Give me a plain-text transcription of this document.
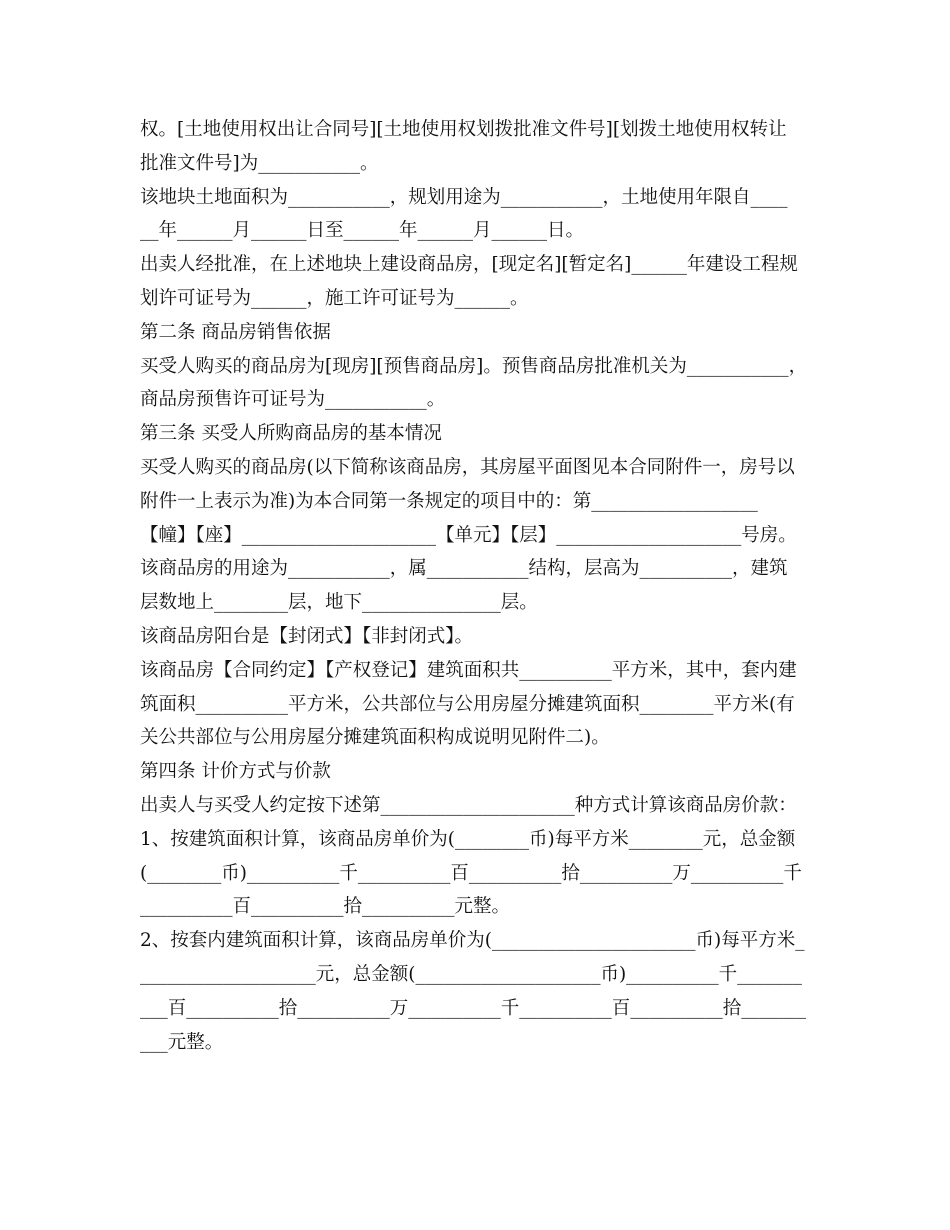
权。[土地使用权出让合同号][土地使用权划拨批准文件号][划拨土地使用权转让
批准文件号]为___________。
该地块土地面积为___________，规划用途为___________，土地使用年限自____
__年______月______日至______年______月______日。
出卖人经批准，在上述地块上建设商品房，[现定名][暂定名]______年建设工程规
划许可证号为______，施工许可证号为______。
第二条 商品房销售依据
买受人购买的商品房为[现房][预售商品房]。预售商品房批准机关为___________，
商品房预售许可证号为___________。
第三条 买受人所购商品房的基本情况
买受人购买的商品房(以下简称该商品房，其房屋平面图见本合同附件一，房号以
附件一上表示为准)为本合同第一条规定的项目中的：第__________________
【幢】【座】_____________________【单元】【层】____________________号房。
该商品房的用途为___________，属___________结构，层高为__________，建筑
层数地上________层，地下_______________层。
该商品房阳台是【封闭式】【非封闭式】。
该商品房【合同约定】【产权登记】建筑面积共__________平方米，其中，套内建
筑面积__________平方米，公共部位与公用房屋分摊建筑面积________平方米(有
关公共部位与公用房屋分摊建筑面积构成说明见附件二)。
第四条 计价方式与价款
出卖人与买受人约定按下述第_____________________种方式计算该商品房价款：
1、按建筑面积计算，该商品房单价为(________币)每平方米________元，总金额
(________币)__________千__________百__________拾__________万__________千
__________百__________拾__________元整。
2、按套内建筑面积计算，该商品房单价为(______________________币)每平方米_
___________________元，总金额(____________________币)__________千_______
___百__________拾__________万__________千__________百__________拾_______
___元整。
